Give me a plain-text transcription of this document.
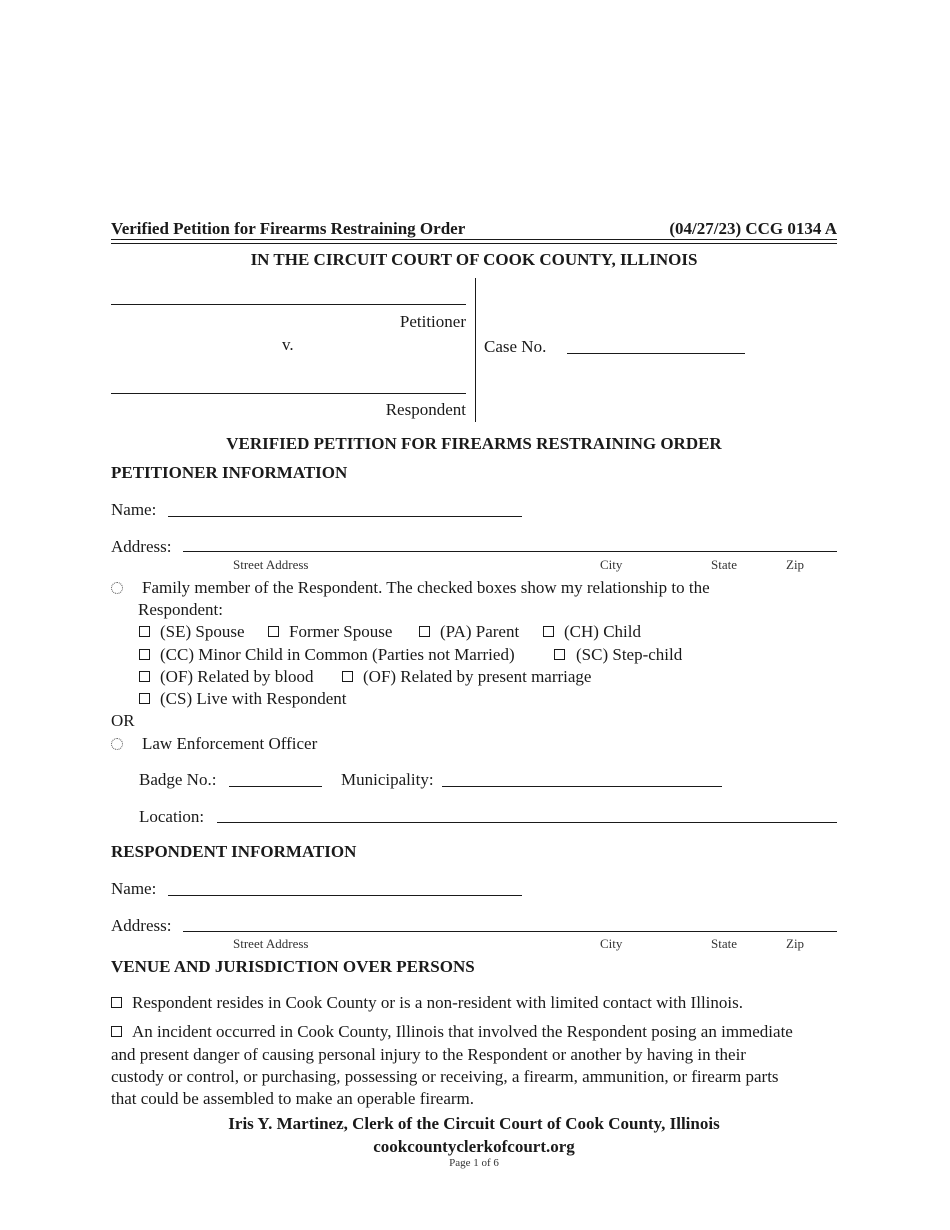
Verified Petition for Firearms Restraining Order	(04/27/23) CCG 0134 A
IN THE CIRCUIT COURT OF COOK COUNTY, ILLINOIS
Petitioner
v.
Respondent
Case No.
VERIFIED PETITION FOR FIREARMS RESTRAINING ORDER
PETITIONER INFORMATION
Name:
Address:
Street Address	City	State	Zip
Family member of the Respondent. The checked boxes show my relationship to the
Respondent:
(SE) Spouse	Former Spouse	(PA) Parent	(CH) Child
(CC) Minor Child in Common (Parties not Married)	(SC) Step-child
(OF) Related by blood	(OF) Related by present marriage
(CS) Live with Respondent
OR
Law Enforcement Officer
Badge No.:	Municipality:
Location:
RESPONDENT INFORMATION
Name:
Address:
Street Address	City	State	Zip
VENUE AND JURISDICTION OVER PERSONS
Respondent resides in Cook County or is a non-resident with limited contact with Illinois.
An incident occurred in Cook County, Illinois that involved the Respondent posing an immediate
and present danger of causing personal injury to the Respondent or another by having in their
custody or control, or purchasing, possessing or receiving, a firearm, ammunition, or firearm parts
that could be assembled to make an operable firearm.
Iris Y. Martinez, Clerk of the Circuit Court of Cook County, Illinois
cookcountyclerkofcourt.org
Page 1 of 6
